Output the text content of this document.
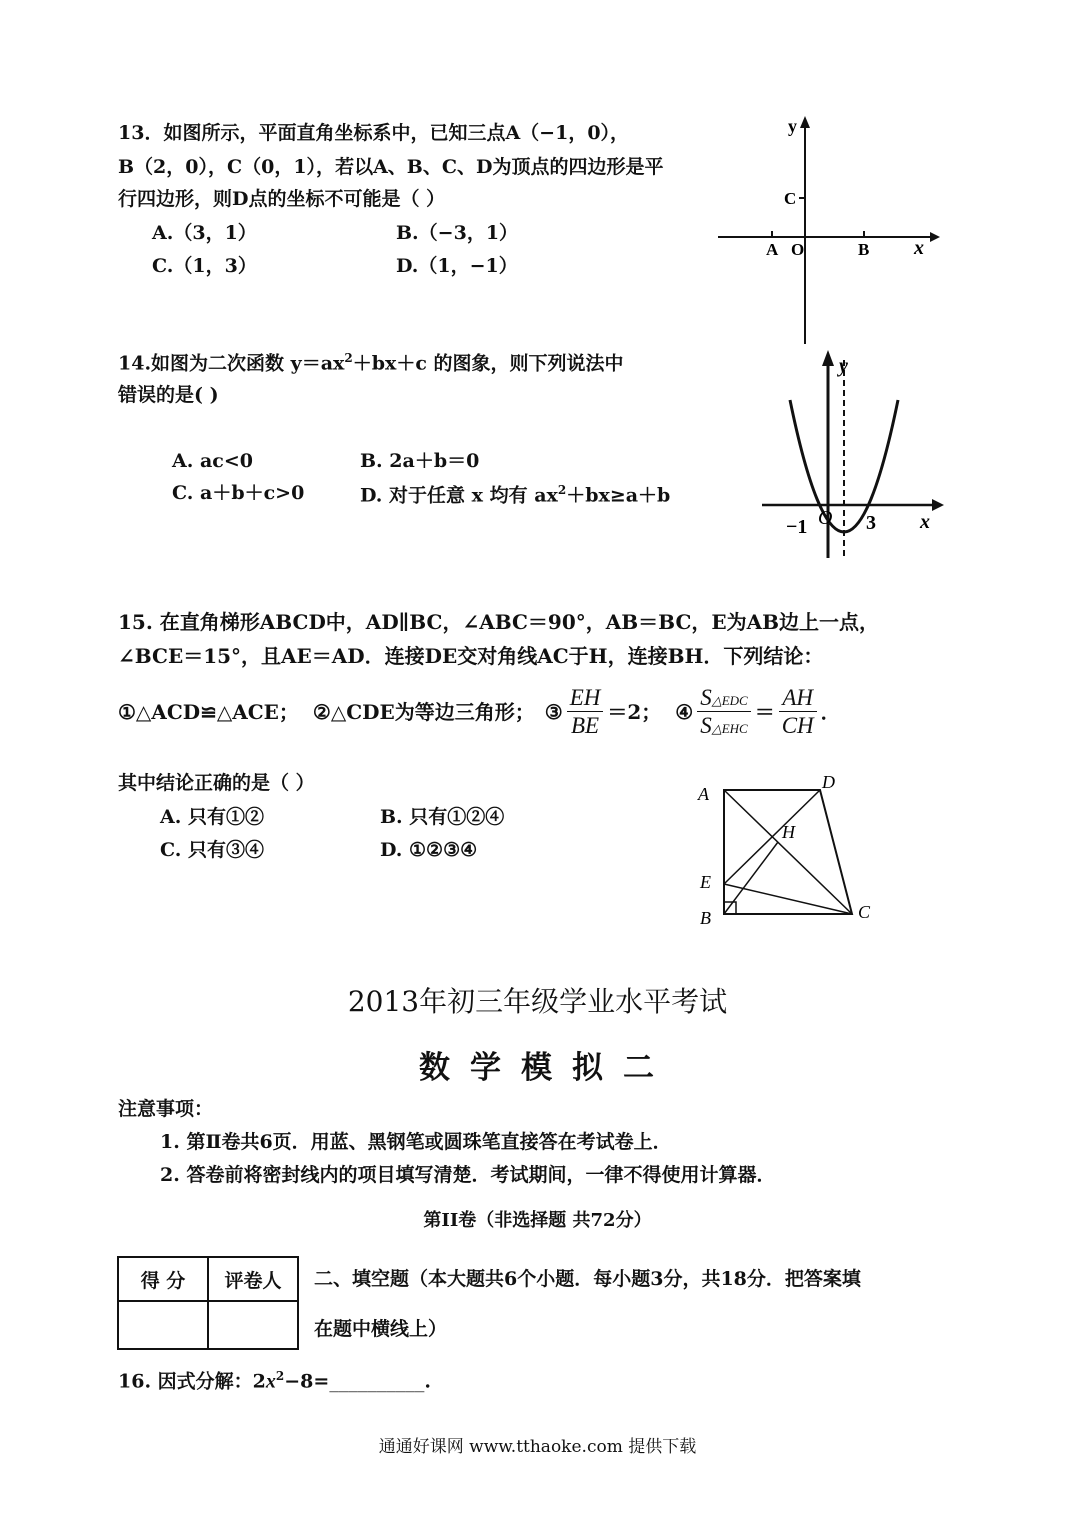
13．如图所示，平面直角坐标系中，已知三点A（−1，0），
B（2，0），C（0，1），若以A、B、C、D为顶点的四边形是平
行四边形，则D点的坐标不可能是（ ）
A.（3，1）	B.（−3，1）
C.（1，3）	D.（1，−1）
y
x
C
A O	B
14.如图为二次函数 $y=ax^2+bx+c$ 的图象，则下列说法中
错误的是( )
A. ac<0	B. 2a＋b＝0
C. a＋b＋c>0	D. 对于任意 x 均有 $ax^2+bx\ge a+b$
y
x
−1	3
O
15. 在直角梯形ABCD中，AD∥BC，∠ABC＝90°，AB＝BC，E为AB边上一点，
∠BCE＝15°，且AE＝AD．连接DE交对角线AC于H，连接BH．下列结论：
①△ACD≌△ACE； ②△CDE为等边三角形； ③ $\frac{EH}{BE} =2$； ④ $\frac{\text{S△EDC}}{\text{S△EHC}} = \frac{AH}{CH}$ ．
其中结论正确的是（ ）
A. 只有①②	B. 只有①②④
C. 只有③④	D. ①②③④
A
D
H
E
B	C
2013年初三年级学业水平考试
数学模拟二
注意事项：
1. 第Ⅱ卷共6页．用蓝、黑钢笔或圆珠笔直接答在考试卷上．
2. 答卷前将密封线内的项目填写清楚．考试期间，一律不得使用计算器．
第II卷（非选择题 共72分）
得 分	评卷人
	二、填空题（本大题共6个小题．每小题3分，共18分．把答案填
在题中横线上）
16. 因式分解：$2x^2-8=\_\_\_\_\_\_\_\_\_\_$.
通通好课网 www.tthaoke.com 提供下载
